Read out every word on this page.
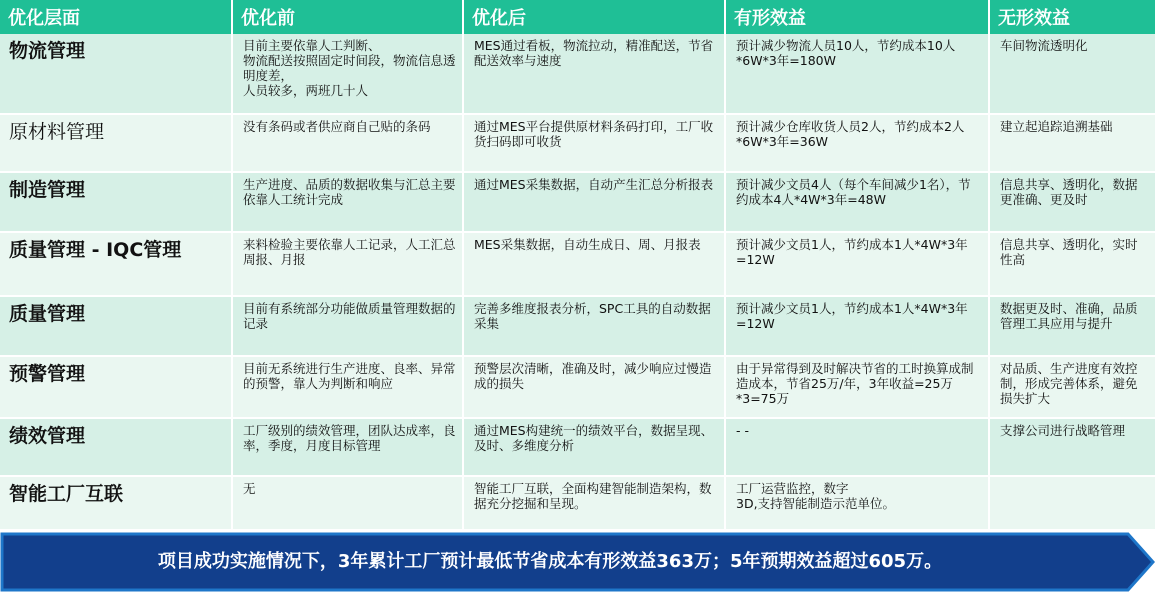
优化层面	优化前	优化后	有形效益	无形效益
物流管理	目前主要依靠人工判断、
物流配送按照固定时间段，物流信息透明度差，
人员较多，两班几十人	MES通过看板，物流拉动，精准配送，节省配送效率与速度	预计减少物流人员10人，节约成本10人*6W*3年=180W	车间物流透明化
原材料管理	没有条码或者供应商自己贴的条码	通过MES平台提供原材料条码打印，工厂收货扫码即可收货	预计减少仓库收货人员2人，节约成本2人*6W*3年=36W	建立起追踪追溯基础
制造管理	生产进度、品质的数据收集与汇总主要依靠人工统计完成	通过MES采集数据，自动产生汇总分析报表	预计减少文员4人（每个车间减少1名），节约成本4人*4W*3年=48W	信息共享、透明化，数据更准确、更及时
质量管理 - IQC管理	来料检验主要依靠人工记录，人工汇总周报、月报	MES采集数据，自动生成日、周、月报表	预计减少文员1人，节约成本1人*4W*3年=12W	信息共享、透明化，实时性高
质量管理	目前有系统部分功能做质量管理数据的记录	完善多维度报表分析，SPC工具的自动数据采集	预计减少文员1人，节约成本1人*4W*3年=12W	数据更及时、准确，品质管理工具应用与提升
预警管理	目前无系统进行生产进度、良率、异常的预警，靠人为判断和响应	预警层次清晰，准确及时，减少响应过慢造成的损失	由于异常得到及时解决节省的工时换算成制造成本，节省25万/年，3年收益=25万*3=75万	对品质、生产进度有效控制，形成完善体系，避免损失扩大
绩效管理	工厂级别的绩效管理，团队达成率，良率，季度，月度目标管理	通过MES构建统一的绩效平台，数据呈现、及时、多维度分析	- -	支撑公司进行战略管理
智能工厂互联	无	智能工厂互联，全面构建智能制造架构，数据充分挖掘和呈现。	工厂运营监控，数字
3D,支持智能制造示范单位。	
项目成功实施情况下，3年累计工厂预计最低节省成本有形效益363万；5年预期效益超过605万。
